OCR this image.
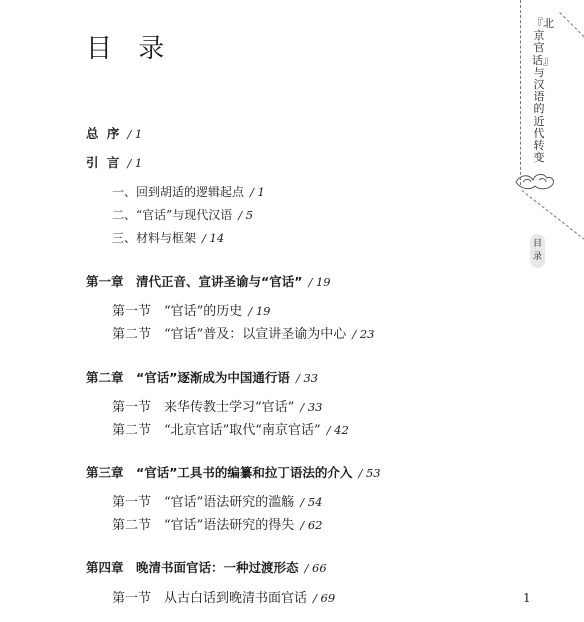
目 录
总 序 / 1
引 言 / 1
一、回到胡适的逻辑起点 / 1
二、“官话”与现代汉语 / 5
三、材料与框架 / 14
第一章　清代正音、宣讲圣谕与“官话” / 19
第一节　“官话”的历史 / 19
第二节　“官话”普及：以宣讲圣谕为中心 / 23
第二章　“官话”逐渐成为中国通行语 / 33
第一节　来华传教士学习“官话” / 33
第二节　“北京官话”取代“南京官话” / 42
第三章　“官话”工具书的编纂和拉丁语法的介入 / 53
第一节　“官话”语法研究的滥觞 / 54
第二节　“官话”语法研究的得失 / 62
第四章　晚清书面官话：一种过渡形态 / 66
第一节　从古白话到晚清书面官话 / 69
『北京官话』与汉语的近代转变
目
录
1
